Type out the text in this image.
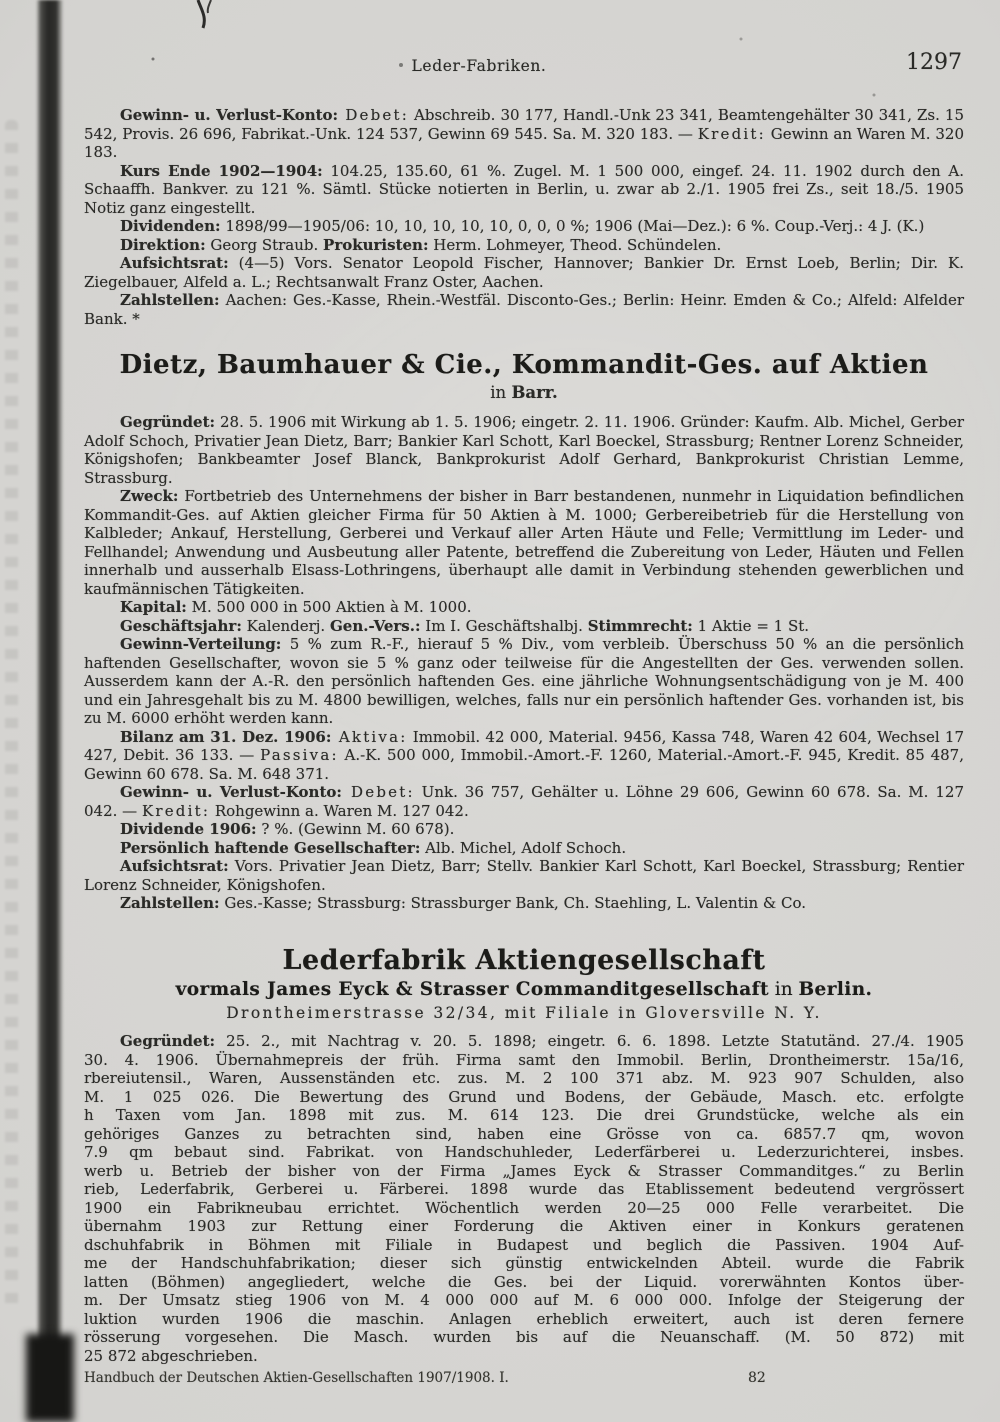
Leder-Fabriken.	1297

Gewinn- u. Verlust-Konto: Debet: Abschreib. 30 177, Handl.-Unk 23 341, Beamtengehälter 30 341, Zs. 15 542, Provis. 26 696, Fabrikat.-Unk. 124 537, Gewinn 69 545. Sa. M. 320 183. — Kredit: Gewinn an Waren M. 320 183.

Kurs Ende 1902—1904: 104.25, 135.60, 61 %. Zugel. M. 1 500 000, eingef. 24. 11. 1902 durch den A. Schaaffh. Bankver. zu 121 %. Sämtl. Stücke notierten in Berlin, u. zwar ab 2./1. 1905 frei Zs., seit 18./5. 1905 Notiz ganz eingestellt.

Dividenden: 1898/99—1905/06: 10, 10, 10, 10, 10, 0, 0, 0 %; 1906 (Mai—Dez.): 6 %. Coup.-Verj.: 4 J. (K.)

Direktion: Georg Straub. Prokuristen: Herm. Lohmeyer, Theod. Schündelen.

Aufsichtsrat: (4—5) Vors. Senator Leopold Fischer, Hannover; Bankier Dr. Ernst Loeb, Berlin; Dir. K. Ziegelbauer, Alfeld a. L.; Rechtsanwalt Franz Oster, Aachen.

Zahlstellen: Aachen: Ges.-Kasse, Rhein.-Westfäl. Disconto-Ges.; Berlin: Heinr. Emden & Co.; Alfeld: Alfelder Bank. *

Dietz, Baumhauer & Cie., Kommandit-Ges. auf Aktien
in Barr.

Gegründet: 28. 5. 1906 mit Wirkung ab 1. 5. 1906; eingetr. 2. 11. 1906. Gründer: Kaufm. Alb. Michel, Gerber Adolf Schoch, Privatier Jean Dietz, Barr; Bankier Karl Schott, Karl Boeckel, Strassburg; Rentner Lorenz Schneider, Königshofen; Bankbeamter Josef Blanck, Bankprokurist Adolf Gerhard, Bankprokurist Christian Lemme, Strassburg.

Zweck: Fortbetrieb des Unternehmens der bisher in Barr bestandenen, nunmehr in Liquidation befindlichen Kommandit-Ges. auf Aktien gleicher Firma für 50 Aktien à M. 1000; Gerbereibetrieb für die Herstellung von Kalbleder; Ankauf, Herstellung, Gerberei und Verkauf aller Arten Häute und Felle; Vermittlung im Leder- und Fellhandel; Anwendung und Ausbeutung aller Patente, betreffend die Zubereitung von Leder, Häuten und Fellen innerhalb und ausserhalb Elsass-Lothringens, überhaupt alle damit in Verbindung stehenden gewerblichen und kaufmännischen Tätigkeiten.

Kapital: M. 500 000 in 500 Aktien à M. 1000.

Geschäftsjahr: Kalenderj. Gen.-Vers.: Im I. Geschäftshalbj. Stimmrecht: 1 Aktie = 1 St.

Gewinn-Verteilung: 5 % zum R.-F., hierauf 5 % Div., vom verbleib. Überschuss 50 % an die persönlich haftenden Gesellschafter, wovon sie 5 % ganz oder teilweise für die Angestellten der Ges. verwenden sollen. Ausserdem kann der A.-R. den persönlich haftenden Ges. eine jährliche Wohnungsentschädigung von je M. 400 und ein Jahresgehalt bis zu M. 4800 bewilligen, welches, falls nur ein persönlich haftender Ges. vorhanden ist, bis zu M. 6000 erhöht werden kann.

Bilanz am 31. Dez. 1906: Aktiva: Immobil. 42 000, Material. 9456, Kassa 748, Waren 42 604, Wechsel 17 427, Debit. 36 133. — Passiva: A.-K. 500 000, Immobil.-Amort.-F. 1260, Material.-Amort.-F. 945, Kredit. 85 487, Gewinn 60 678. Sa. M. 648 371.

Gewinn- u. Verlust-Konto: Debet: Unk. 36 757, Gehälter u. Löhne 29 606, Gewinn 60 678. Sa. M. 127 042. — Kredit: Rohgewinn a. Waren M. 127 042.

Dividende 1906: ? %. (Gewinn M. 60 678).

Persönlich haftende Gesellschafter: Alb. Michel, Adolf Schoch.

Aufsichtsrat: Vors. Privatier Jean Dietz, Barr; Stellv. Bankier Karl Schott, Karl Boeckel, Strassburg; Rentier Lorenz Schneider, Königshofen.

Zahlstellen: Ges.-Kasse; Strassburg: Strassburger Bank, Ch. Staehling, L. Valentin & Co.

Lederfabrik Aktiengesellschaft
vormals James Eyck & Strasser Commanditgesellschaft in Berlin.
Drontheimerstrasse 32/34, mit Filiale in Gloversville N. Y.
Gegründet: 25. 2., mit Nachtrag v. 20. 5. 1898; eingetr. 6. 6. 1898. Letzte Statutänd. 27./4. 1905
30. 4. 1906. Übernahmepreis der früh. Firma samt den Immobil. Berlin, Drontheimerstr. 15a/16,
rbereiutensil., Waren, Aussenständen etc. zus. M. 2 100 371 abz. M. 923 907 Schulden, also
M. 1 025 026. Die Bewertung des Grund und Bodens, der Gebäude, Masch. etc. erfolgte
h Taxen vom Jan. 1898 mit zus. M. 614 123. Die drei Grundstücke, welche als ein
gehöriges Ganzes zu betrachten sind, haben eine Grösse von ca. 6857.7 qm, wovon
7.9 qm bebaut sind. Fabrikat. von Handschuhleder, Lederfärberei u. Lederzurichterei, insbes.
werb u. Betrieb der bisher von der Firma „James Eyck & Strasser Commanditges.“ zu Berlin
rieb, Lederfabrik, Gerberei u. Färberei. 1898 wurde das Etablissement bedeutend vergrössert
1900 ein Fabrikneubau errichtet. Wöchentlich werden 20—25 000 Felle verarbeitet. Die
übernahm 1903 zur Rettung einer Forderung die Aktiven einer in Konkurs geratenen
dschuhfabrik in Böhmen mit Filiale in Budapest und beglich die Passiven. 1904 Auf-
me der Handschuhfabrikation; dieser sich günstig entwickelnden Abteil. wurde die Fabrik
latten (Böhmen) angegliedert, welche die Ges. bei der Liquid. vorerwähnten Kontos über-
m. Der Umsatz stieg 1906 von M. 4 000 000 auf M. 6 000 000. Infolge der Steigerung der
luktion wurden 1906 die maschin. Anlagen erheblich erweitert, auch ist deren fernere
rösserung vorgesehen. Die Masch. wurden bis auf die Neuanschaff. (M. 50 872) mit
25 872 abgeschrieben.
Handbuch der Deutschen Aktien-Gesellschaften 1907/1908. I.	82
